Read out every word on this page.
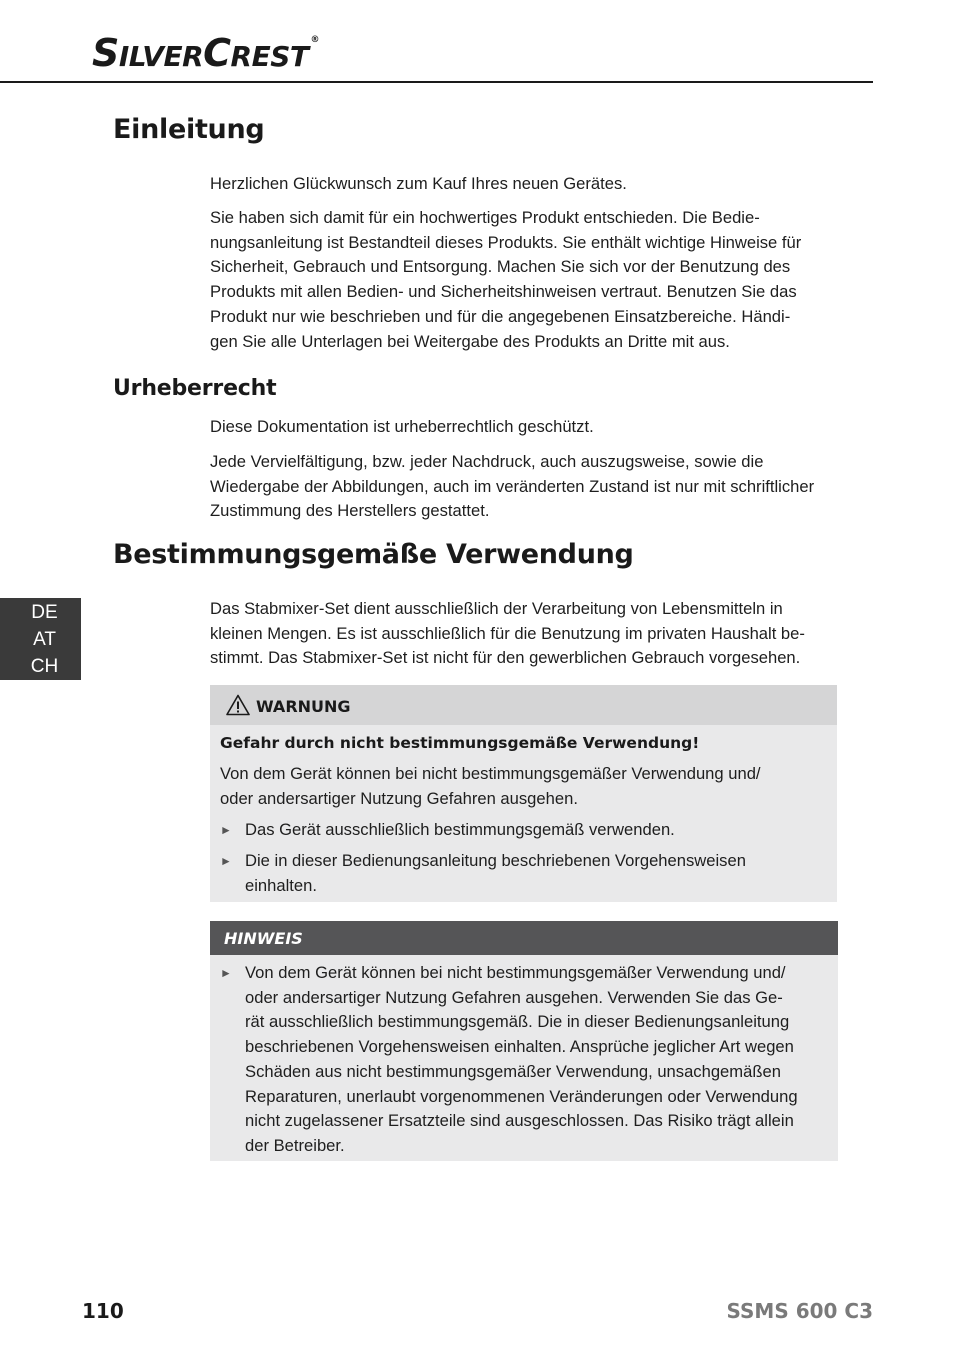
SILVERCREST ®
Einleitung
Herzlichen Glückwunsch zum Kauf Ihres neuen Gerätes.
Sie haben sich damit für ein hochwertiges Produkt entschieden. Die Bedie-
nungsanleitung ist Bestandteil dieses Produkts. Sie enthält wichtige Hinweise für
Sicherheit, Gebrauch und Entsorgung. Machen Sie sich vor der Benutzung des
Produkts mit allen Bedien- und Sicherheitshinweisen vertraut. Benutzen Sie das
Produkt nur wie beschrieben und für die angegebenen Einsatzbereiche. Händi-
gen Sie alle Unterlagen bei Weitergabe des Produkts an Dritte mit aus.
Urheberrecht
Diese Dokumentation ist urheberrechtlich geschützt.
Jede Vervielfältigung, bzw. jeder Nachdruck, auch auszugsweise, sowie die
Wiedergabe der Abbildungen, auch im veränderten Zustand ist nur mit schriftlicher
Zustimmung des Herstellers gestattet.
Bestimmungsgemäße Verwendung
Das Stabmixer-Set dient ausschließlich der Verarbeitung von Lebensmitteln in
kleinen Mengen. Es ist ausschließlich für die Benutzung im privaten Haushalt be-
stimmt. Das Stabmixer-Set ist nicht für den gewerblichen Gebrauch vorgesehen.
DE
AT
CH
WARNUNG
Gefahr durch nicht bestimmungsgemäße Verwendung!
Von dem Gerät können bei nicht bestimmungsgemäßer Verwendung und/
oder andersartiger Nutzung Gefahren ausgehen.
► Das Gerät ausschließlich bestimmungsgemäß verwenden.
► Die in dieser Bedienungsanleitung beschriebenen Vorgehensweisen
einhalten.
HINWEIS
► Von dem Gerät können bei nicht bestimmungsgemäßer Verwendung und/
oder andersartiger Nutzung Gefahren ausgehen. Verwenden Sie das Ge-
rät ausschließlich bestimmungsgemäß. Die in dieser Bedienungsanleitung
beschriebenen Vorgehensweisen einhalten. Ansprüche jeglicher Art wegen
Schäden aus nicht bestimmungsgemäßer Verwendung, unsachgemäßen
Reparaturen, unerlaubt vorgenommenen Veränderungen oder Verwendung
nicht zugelassener Ersatzteile sind ausgeschlossen. Das Risiko trägt allein
der Betreiber.
110	SSMS 600 C3
